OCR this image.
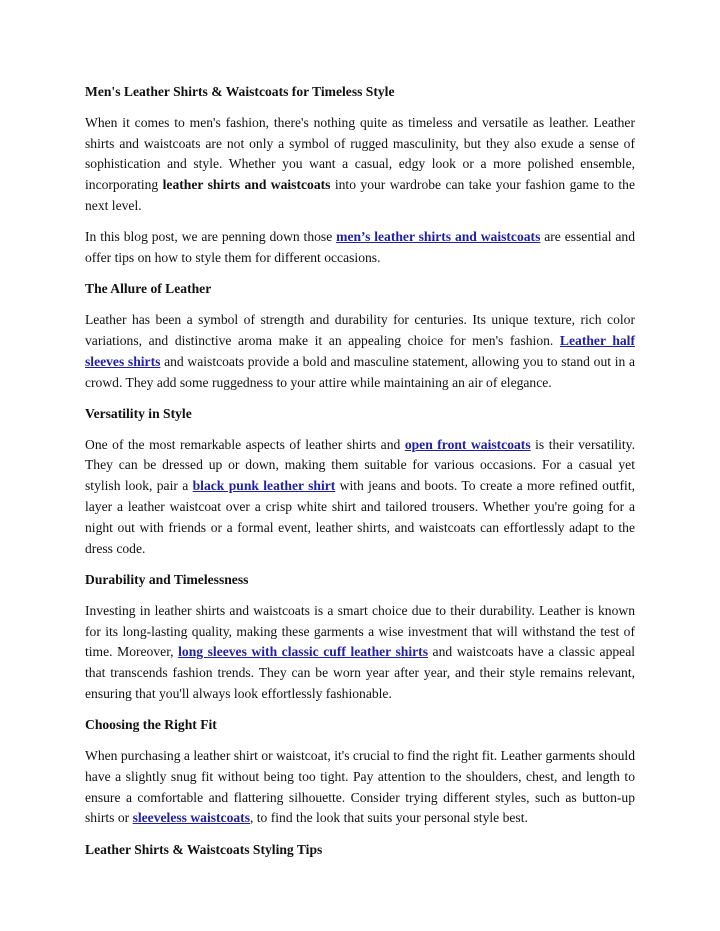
Men's Leather Shirts & Waistcoats for Timeless Style

When it comes to men's fashion, there's nothing quite as timeless and versatile as leather. Leather shirts and waistcoats are not only a symbol of rugged masculinity, but they also exude a sense of sophistication and style. Whether you want a casual, edgy look or a more polished ensemble, incorporating leather shirts and waistcoats into your wardrobe can take your fashion game to the next level.

In this blog post, we are penning down those men’s leather shirts and waistcoats are essential and offer tips on how to style them for different occasions.

The Allure of Leather

Leather has been a symbol of strength and durability for centuries. Its unique texture, rich color variations, and distinctive aroma make it an appealing choice for men's fashion. Leather half sleeves shirts and waistcoats provide a bold and masculine statement, allowing you to stand out in a crowd. They add some ruggedness to your attire while maintaining an air of elegance.

Versatility in Style

One of the most remarkable aspects of leather shirts and open front waistcoats is their versatility. They can be dressed up or down, making them suitable for various occasions. For a casual yet stylish look, pair a black punk leather shirt with jeans and boots. To create a more refined outfit, layer a leather waistcoat over a crisp white shirt and tailored trousers. Whether you're going for a night out with friends or a formal event, leather shirts, and waistcoats can effortlessly adapt to the dress code.

Durability and Timelessness

Investing in leather shirts and waistcoats is a smart choice due to their durability. Leather is known for its long-lasting quality, making these garments a wise investment that will withstand the test of time. Moreover, long sleeves with classic cuff leather shirts and waistcoats have a classic appeal that transcends fashion trends. They can be worn year after year, and their style remains relevant, ensuring that you'll always look effortlessly fashionable.

Choosing the Right Fit

When purchasing a leather shirt or waistcoat, it's crucial to find the right fit. Leather garments should have a slightly snug fit without being too tight. Pay attention to the shoulders, chest, and length to ensure a comfortable and flattering silhouette. Consider trying different styles, such as button-up shirts or sleeveless waistcoats, to find the look that suits your personal style best.

Leather Shirts & Waistcoats Styling Tips
